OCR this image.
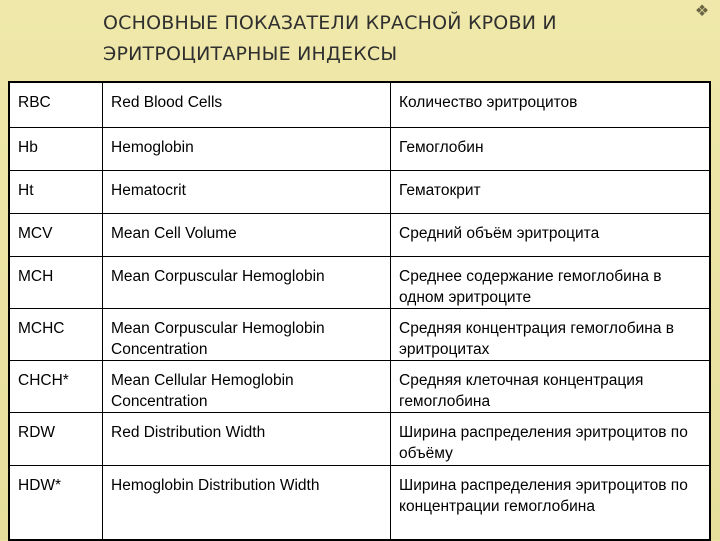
ОСНОВНЫЕ ПОКАЗАТЕЛИ КРАСНОЙ КРОВИ И
ЭРИТРОЦИТАРНЫЕ ИНДЕКСЫ
❖
RBC	Red Blood Cells	Количество эритроцитов
Hb	Hemoglobin	Гемоглобин
Ht	Hematocrit	Гематокрит
MCV	Mean Cell Volume	Средний объём эритроцита
MCH	Mean Corpuscular Hemoglobin	Среднее содержание гемоглобина в одном эритроците
MCHC	Mean Corpuscular Hemoglobin Concentration	Средняя концентрация гемоглобина в эритроцитах
CHCH*	Mean Cellular Hemoglobin Concentration	Средняя клеточная концентрация гемоглобина
RDW	Red Distribution Width	Ширина распределения эритроцитов по объёму
HDW*	Hemoglobin Distribution Width	Ширина распределения эритроцитов по концентрации гемоглобина
